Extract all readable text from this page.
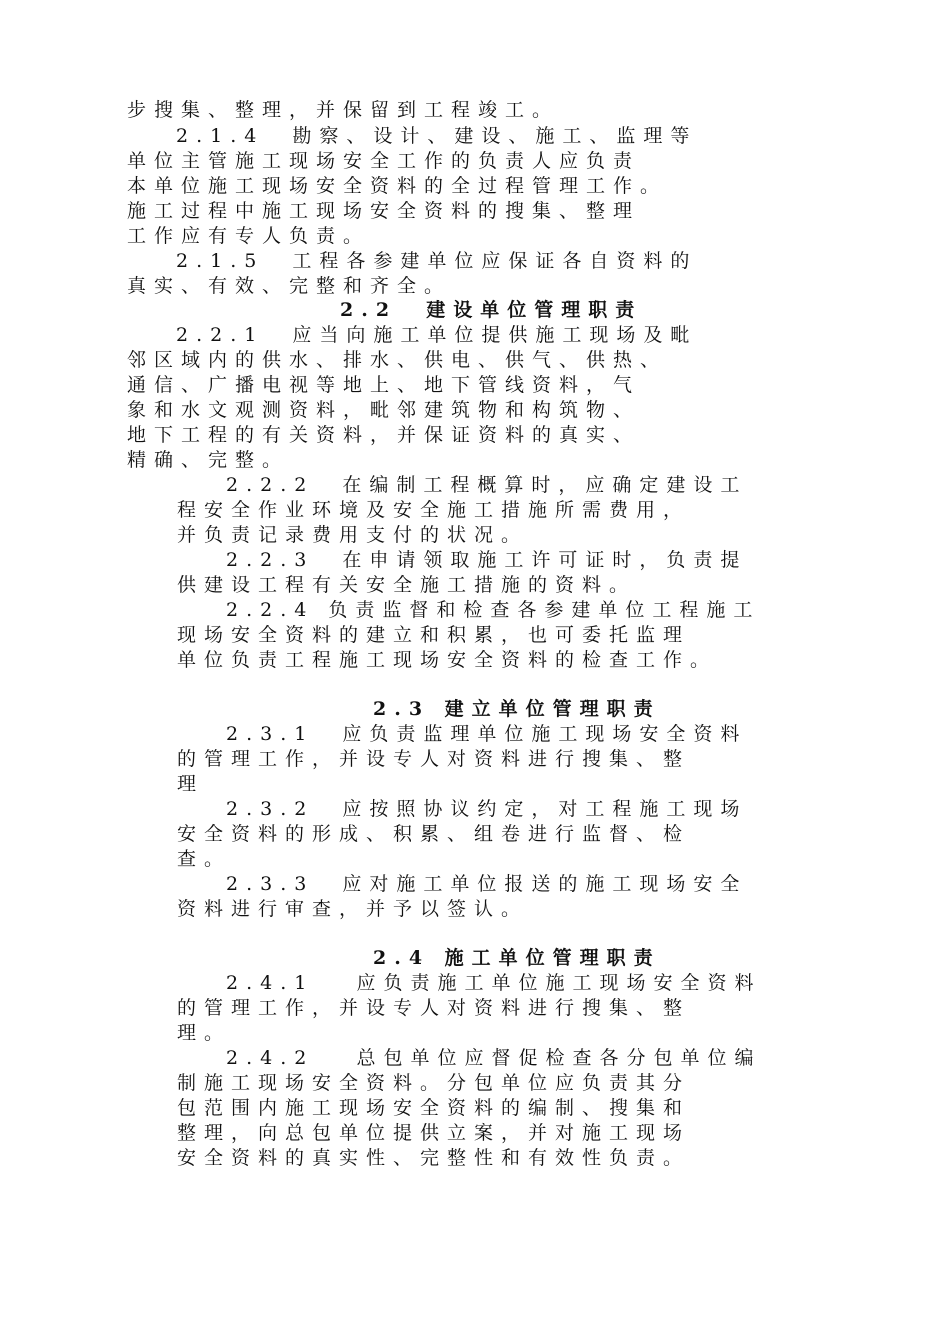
步搜集、整理，并保留到工程竣工。
2.1.4  勘察、设计、建设、施工、监理等
单位主管施工现场安全工作的负责人应负责
本单位施工现场安全资料的全过程管理工作。
施工过程中施工现场安全资料的搜集、整理
工作应有专人负责。
2.1.5  工程各参建单位应保证各自资料的
真实、有效、完整和齐全。
2.2  建设单位管理职责
2.2.1  应当向施工单位提供施工现场及毗
邻区域内的供水、排水、供电、供气、供热、
通信、广播电视等地上、地下管线资料，气
象和水文观测资料，毗邻建筑物和构筑物、
地下工程的有关资料，并保证资料的真实、
精确、完整。
2.2.2  在编制工程概算时，应确定建设工
程安全作业环境及安全施工措施所需费用，
并负责记录费用支付的状况。
2.2.3  在申请领取施工许可证时，负责提
供建设工程有关安全施工措施的资料。
2.2.4 负责监督和检查各参建单位工程施工
现场安全资料的建立和积累，也可委托监理
单位负责工程施工现场安全资料的检查工作。
2.3 建立单位管理职责
2.3.1  应负责监理单位施工现场安全资料
的管理工作，并设专人对资料进行搜集、整
理
2.3.2  应按照协议约定，对工程施工现场
安全资料的形成、积累、组卷进行监督、检
查。
2.3.3  应对施工单位报送的施工现场安全
资料进行审查，并予以签认。
2.4 施工单位管理职责
2.4.1   应负责施工单位施工现场安全资料
的管理工作，并设专人对资料进行搜集、整
理。
2.4.2   总包单位应督促检查各分包单位编
制施工现场安全资料。分包单位应负责其分
包范围内施工现场安全资料的编制、搜集和
整理，向总包单位提供立案，并对施工现场
安全资料的真实性、完整性和有效性负责。
